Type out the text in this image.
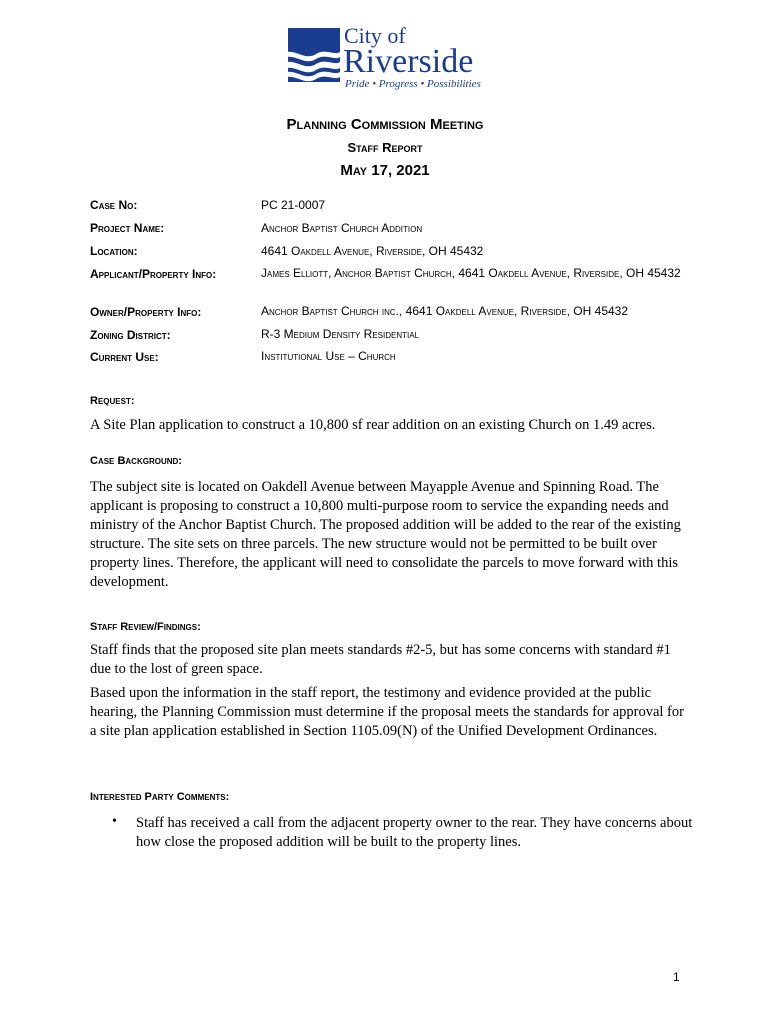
City of
Riverside
Pride • Progress • Possibilities
Planning Commission Meeting
Staff Report
May 17, 2021
Case No:	PC 21-0007
Project Name:	Anchor Baptist Church Addition
Location:	4641 Oakdell Avenue, Riverside, OH 45432
Applicant/Property Info:	James Elliott, Anchor Baptist Church, 4641 Oakdell Avenue, Riverside, OH 45432
Owner/Property Info:	Anchor Baptist Church inc., 4641 Oakdell Avenue, Riverside, OH 45432
Zoning District:	R-3 Medium Density Residential
Current Use:	Institutional Use – Church
Request:
A Site Plan application to construct a 10,800 sf rear addition on an existing Church on 1.49 acres.
Case Background:
The subject site is located on Oakdell Avenue between Mayapple Avenue and Spinning Road. The applicant is proposing to construct a 10,800 multi-purpose room to service the expanding needs and ministry of the Anchor Baptist Church. The proposed addition will be added to the rear of the existing structure. The site sets on three parcels. The new structure would not be permitted to be built over property lines. Therefore, the applicant will need to consolidate the parcels to move forward with this development.
Staff Review/Findings:
Staff finds that the proposed site plan meets standards #2-5, but has some concerns with standard #1 due to the lost of green space.
Based upon the information in the staff report, the testimony and evidence provided at the public hearing, the Planning Commission must determine if the proposal meets the standards for approval for a site plan application established in Section 1105.09(N) of the Unified Development Ordinances.
Interested Party Comments:
• Staff has received a call from the adjacent property owner to the rear. They have concerns about how close the proposed addition will be built to the property lines.
1
